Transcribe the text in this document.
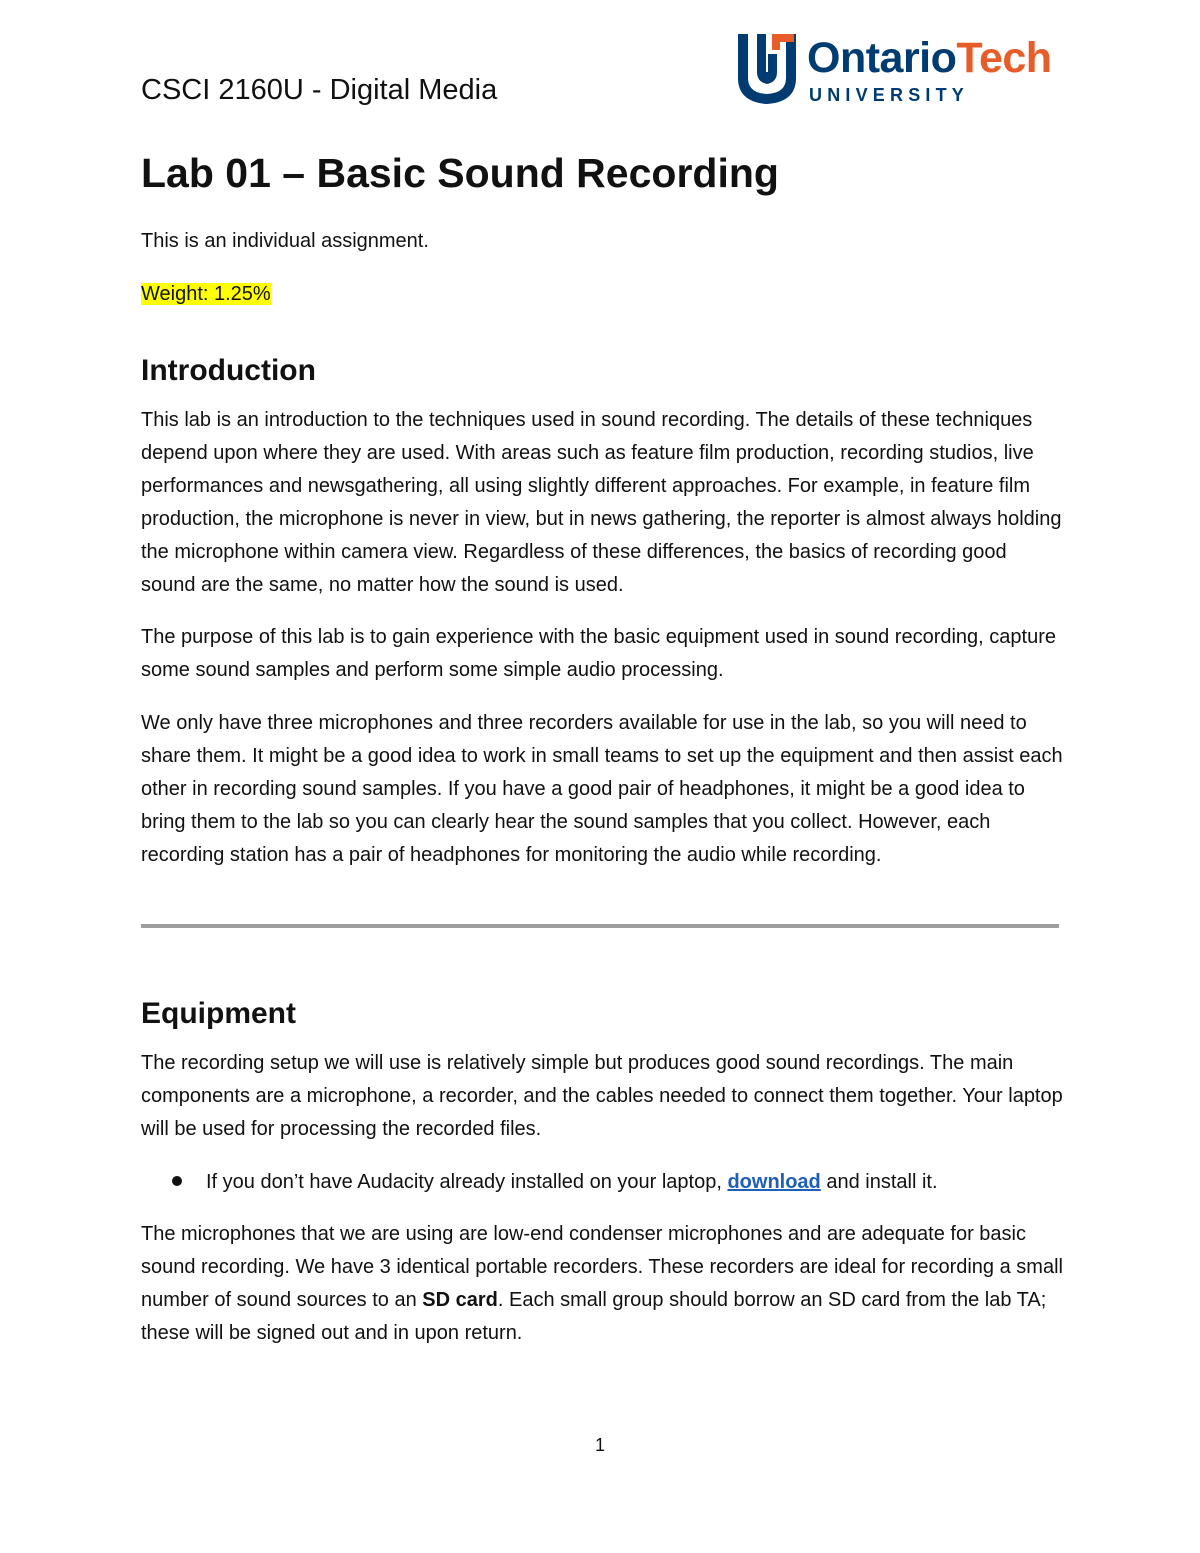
CSCI 2160U - Digital Media
OntarioTech
UNIVERSITY
Lab 01 – Basic Sound Recording

This is an individual assignment.

Weight: 1.25%

Introduction

This lab is an introduction to the techniques used in sound recording. The details of these techniques depend upon where they are used. With areas such as feature film production, recording studios, live performances and newsgathering, all using slightly different approaches. For example, in feature film production, the microphone is never in view, but in news gathering, the reporter is almost always holding the microphone within camera view. Regardless of these differences, the basics of recording good sound are the same, no matter how the sound is used.

The purpose of this lab is to gain experience with the basic equipment used in sound recording, capture some sound samples and perform some simple audio processing.

We only have three microphones and three recorders available for use in the lab, so you will need to share them. It might be a good idea to work in small teams to set up the equipment and then assist each other in recording sound samples. If you have a good pair of headphones, it might be a good idea to bring them to the lab so you can clearly hear the sound samples that you collect. However, each recording station has a pair of headphones for monitoring the audio while recording.

Equipment

The recording setup we will use is relatively simple but produces good sound recordings. The main components are a microphone, a recorder, and the cables needed to connect them together. Your laptop will be used for processing the recorded files.

If you don’t have Audacity already installed on your laptop, download and install it.

The microphones that we are using are low-end condenser microphones and are adequate for basic sound recording. We have 3 identical portable recorders. These recorders are ideal for recording a small number of sound sources to an SD card. Each small group should borrow an SD card from the lab TA; these will be signed out and in upon return.

1
